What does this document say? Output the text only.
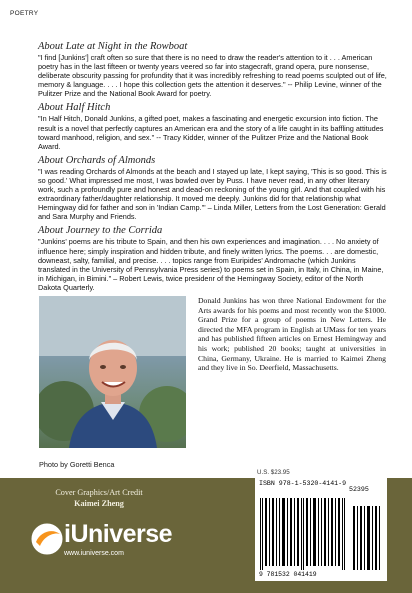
POETRY

About Late at Night in the Rowboat

"I find [Junkins'] craft often so sure that there is no need to draw the reader's attention to it . . . American poetry has in the last fifteen or twenty years veered so far into stagecraft, grand opera, pure nonsense, deliberate obscurity passing for profundity that it was incredibly refreshing to read poems sculpted out of life, memory & language. . . . I hope this collection gets the attention it deserves." -- Philip Levine, winner of the Pulitzer Prize and the National Book Award for poetry.

About Half Hitch

"In Half Hitch, Donald Junkins, a gifted poet, makes a fascinating and energetic excursion into fiction. The result is a novel that perfectly captures an American era and the story of a life caught in its baffling attitudes toward manhood, religion, and sex." -- Tracy Kidder, winner of the Pulitzer Prize and the National Book Award.

About Orchards of Almonds

"I was reading Orchards of Almonds at the beach and I stayed up late, I kept saying, 'This is so good. This is so good.' What impressed me most, I was bowled over by Puss. I have never read, in any other literary work, such a profoundly pure and honest and dead-on reckoning of the young girl. And that coupled with his extraordinary father/daughter relationship. It moved me deeply. Junkins did for that relationship what Hemingway did for father and son in 'Indian Camp.'" – Linda Miller, Letters from the Lost Generation: Gerald and Sara Murphy and Friends.

About Journey to the Corrida

"Junkins' poems are his tribute to Spain, and then his own experiences and imagination. . . . No anxiety of influence here; simply inspiration and hidden tribute, and finely written lyrics. The poems. . . are domestic, downeast, salty, familial, and precise. . . . topics range from Euripides' Andromache (which Junkins translated in the University of Pennsylvania Press series) to poems set in Spain, in Italy, in China, in Maine, in Michigan, in Bimini." – Robert Lewis, twice presidenr of the Hemingway Society, editor of the North Dakota Quarterly.

Photo by Goretti Benca

Donald Junkins has won three National Endowment for the Arts awards for his poems and most recently won the $1000. Grand Prize for a group of poems in New Letters. He directed the MFA program in English at UMass for ten years and has published fifteen articles on Ernest Hemingway and his work; published 20 books; taught at universities in China, Germany, Ukraine. He is married to Kaimei Zheng and they live in So. Deerfield, Massachusetts.

U.S. $23.95
Cover Graphics/Art Credit
Kaimei Zheng
iUniverse
www.iuniverse.com
ISBN 978-1-5320-4141-9
52395
9 781532 041419
